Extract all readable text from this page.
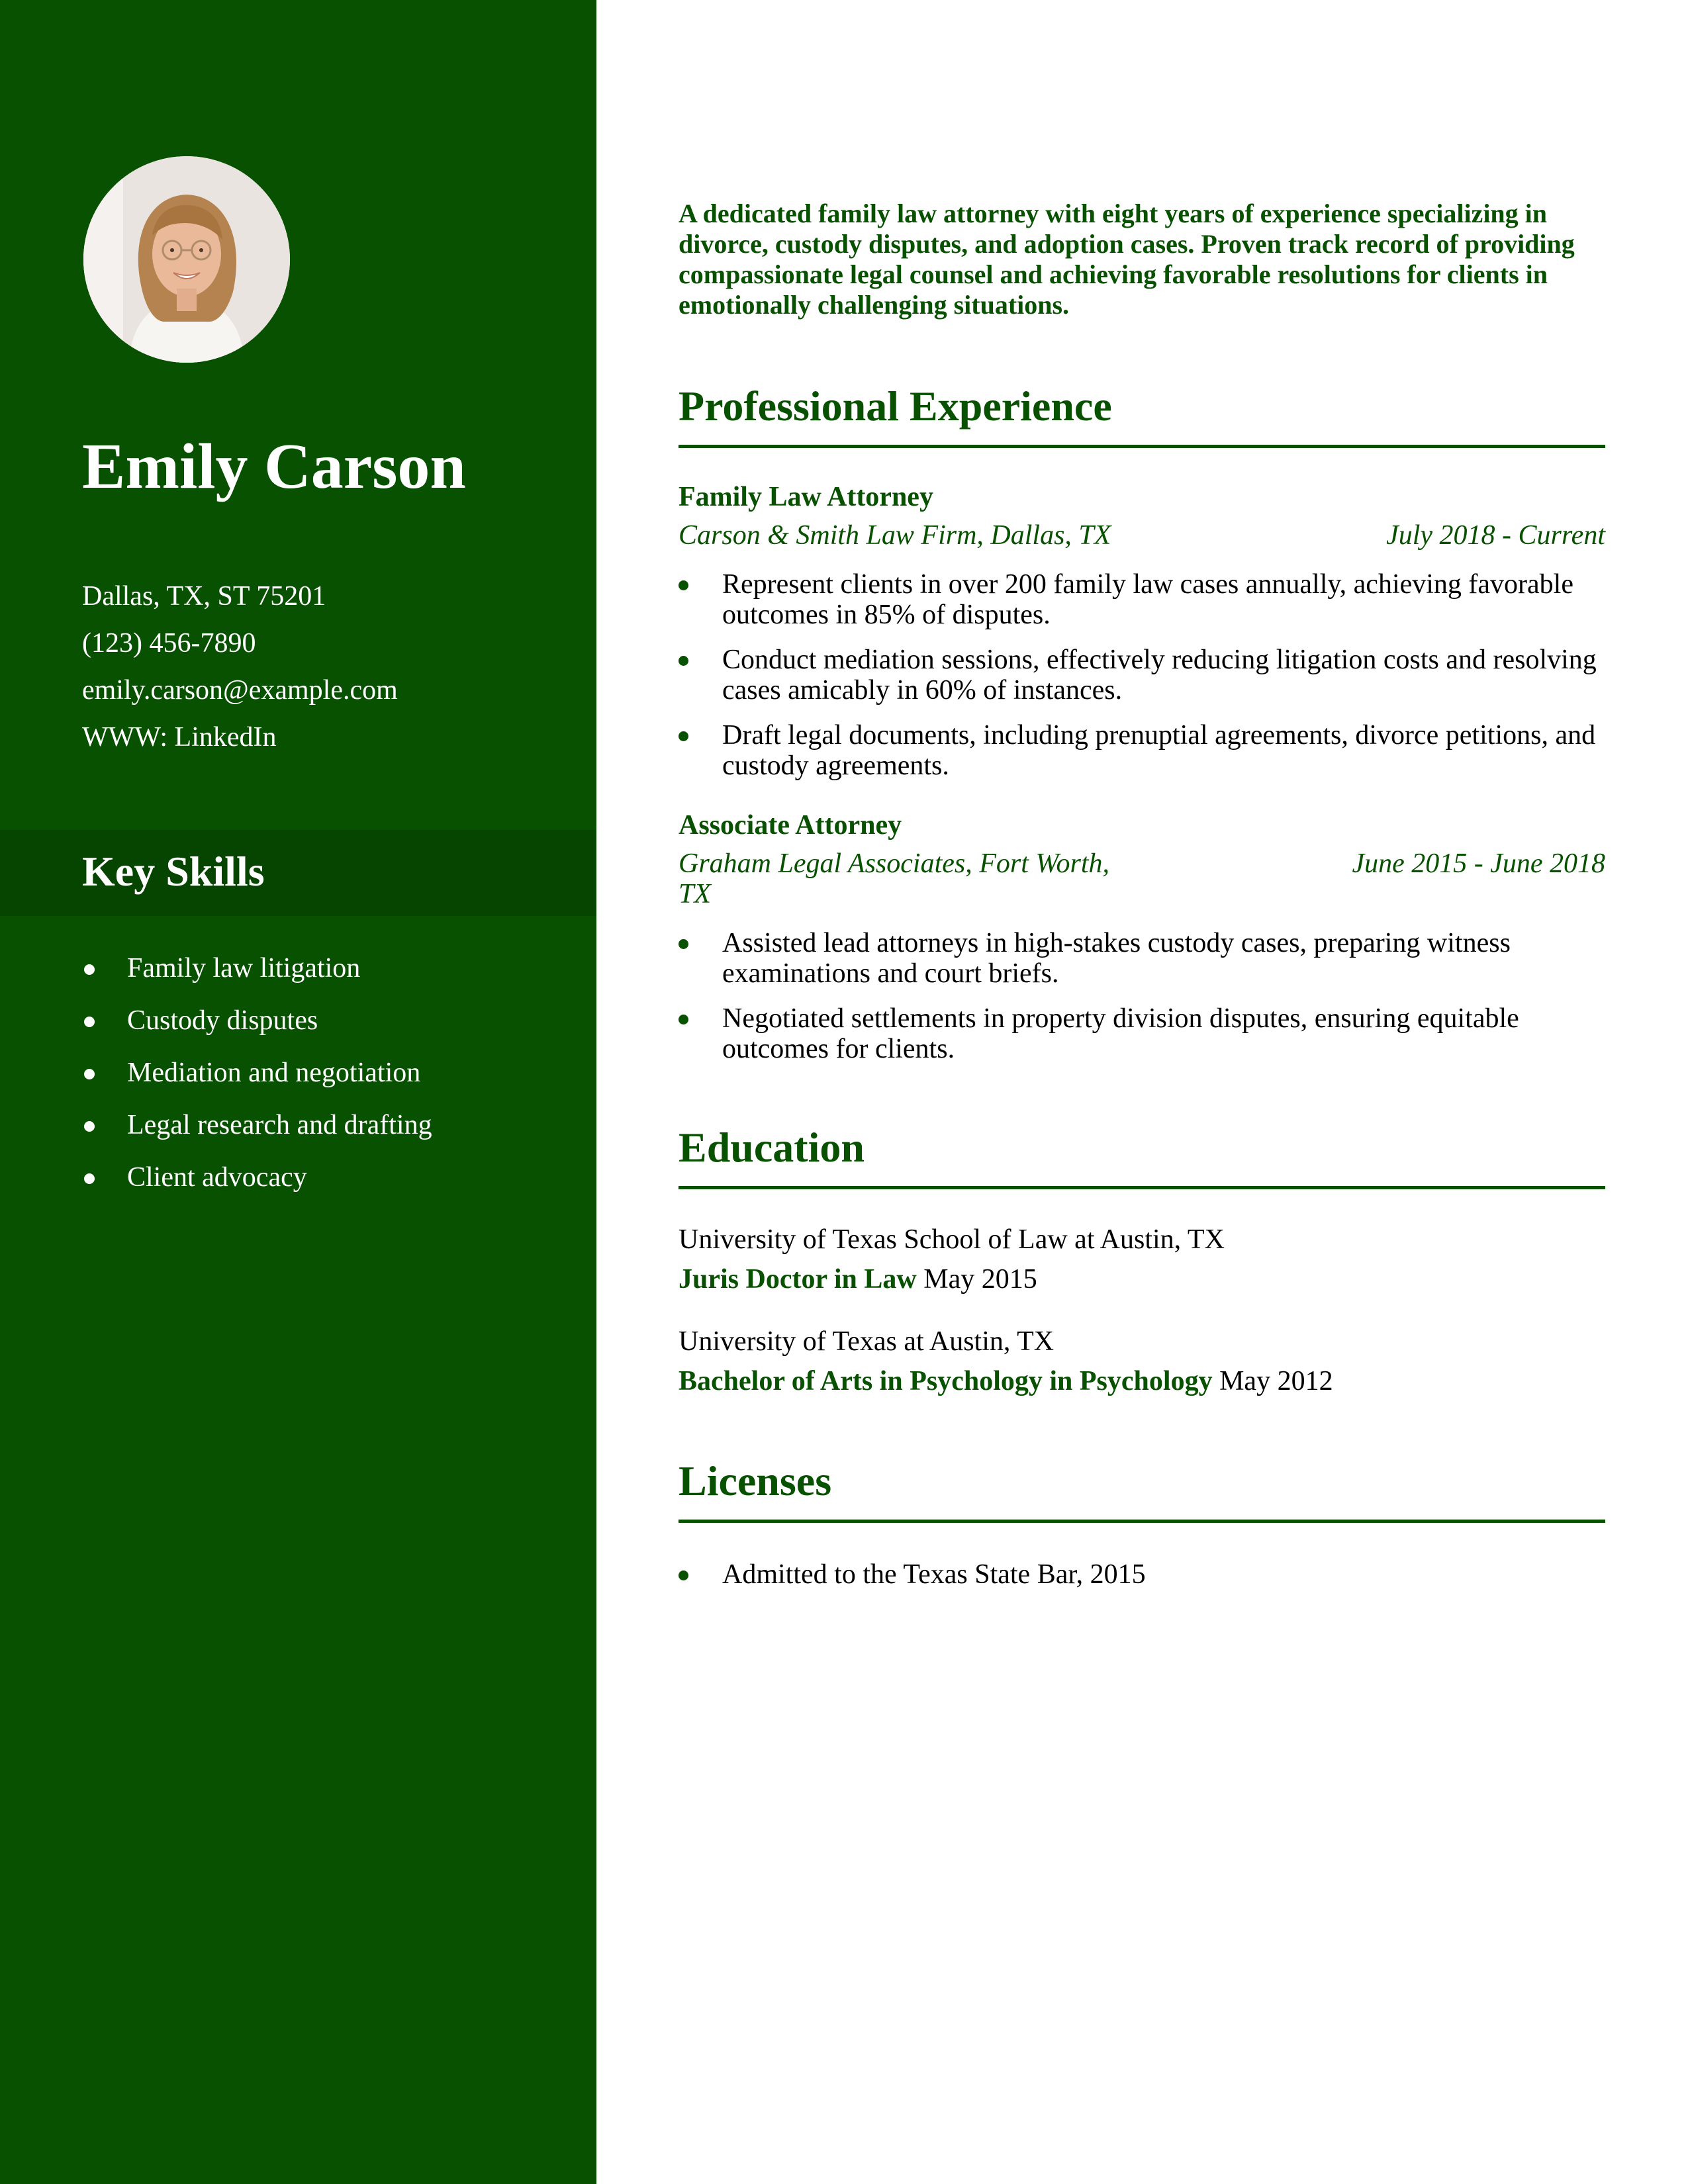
Emily Carson
Dallas, TX, ST 75201
(123) 456-7890
emily.carson@example.com
WWW: LinkedIn
Key Skills
Family law litigation
Custody disputes
Mediation and negotiation
Legal research and drafting
Client advocacy

A dedicated family law attorney with eight years of experience specializing in divorce, custody disputes, and adoption cases. Proven track record of providing compassionate legal counsel and achieving favorable resolutions for clients in emotionally challenging situations.

Professional Experience
Family Law Attorney
Carson & Smith Law Firm, Dallas, TX	July 2018 - Current
Represent clients in over 200 family law cases annually, achieving favorable outcomes in 85% of disputes.
Conduct mediation sessions, effectively reducing litigation costs and resolving cases amicably in 60% of instances.
Draft legal documents, including prenuptial agreements, divorce petitions, and custody agreements.
Associate Attorney
Graham Legal Associates, Fort Worth, TX
June 2015 - June 2018
Assisted lead attorneys in high-stakes custody cases, preparing witness examinations and court briefs.
Negotiated settlements in property division disputes, ensuring equitable outcomes for clients.
Education
University of Texas School of Law at Austin, TX
Juris Doctor in Law May 2015
University of Texas at Austin, TX
Bachelor of Arts in Psychology in Psychology May 2012
Licenses
Admitted to the Texas State Bar, 2015
